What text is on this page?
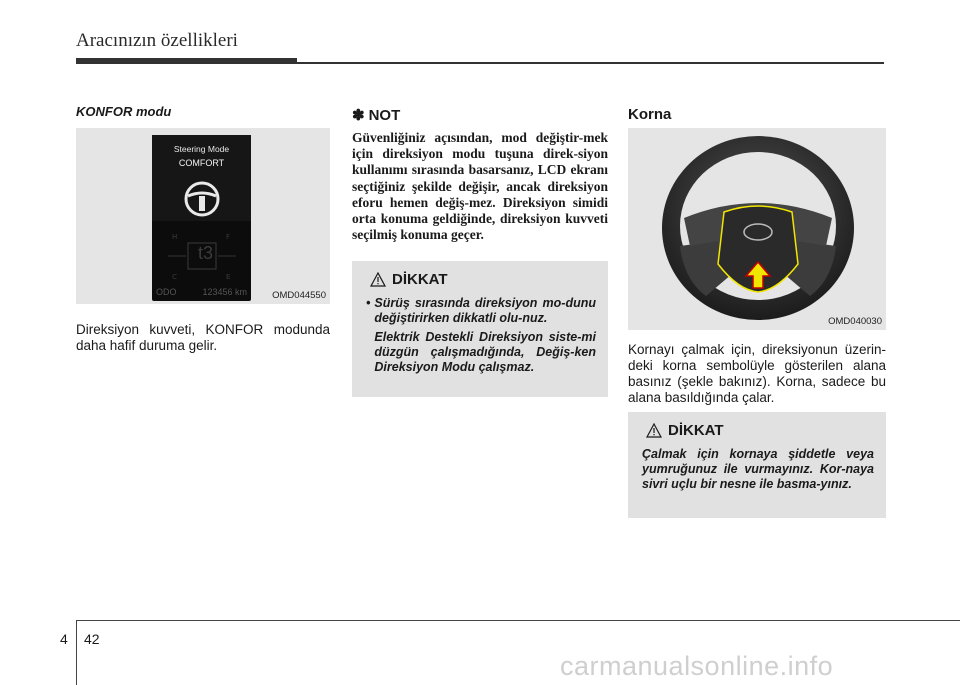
Aracınızın özellikleri

KONFOR modu

Steering Mode
COMFORT
H	F
C	E
t3
ODO	123456 km	OMD044550

Direksiyon kuvveti, KONFOR modunda daha hafif duruma gelir.

✽ NOT

Güvenliğiniz açısından, mod değiştir-mek için direksiyon modu tuşuna direk-siyon kullanımı sırasında basarsanız, LCD ekranı seçtiğiniz şekilde değişir, ancak direksiyon eforu hemen değiş-mez. Direksiyon simidi orta konuma geldiğinde, direksiyon kuvveti seçilmiş konuma geçer.

DİKKAT
• Sürüş sırasında direksiyon mo-dunu değiştirirken dikkatli olu-nuz.

Elektrik Destekli Direksiyon siste-mi düzgün çalışmadığında, Değiş-ken Direksiyon Modu çalışmaz.

Korna

OMD040030

Kornayı çalmak için, direksiyonun üzerin-deki korna sembolüyle gösterilen alana basınız (şekle bakınız). Korna, sadece bu alana basıldığında çalar.

DİKKAT

Çalmak için kornaya şiddetle veya yumruğunuz ile vurmayınız. Kor-naya sivri uçlu bir nesne ile basma-yınız.

4 42
carmanualsonline.info
